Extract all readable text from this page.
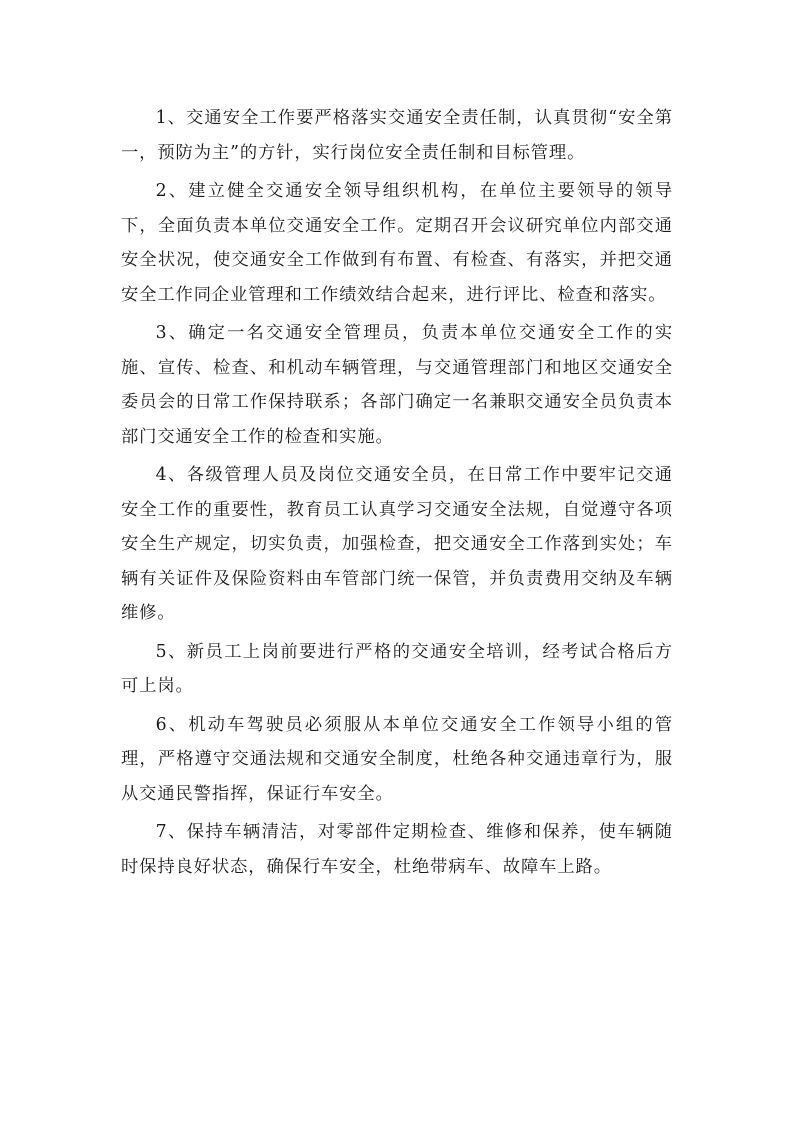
1、交通安全工作要严格落实交通安全责任制，认真贯彻“安全第一，预防为主”的方针，实行岗位安全责任制和目标管理。

2、建立健全交通安全领导组织机构，在单位主要领导的领导下，全面负责本单位交通安全工作。定期召开会议研究单位内部交通安全状况，使交通安全工作做到有布置、有检查、有落实，并把交通安全工作同企业管理和工作绩效结合起来，进行评比、检查和落实。

3、确定一名交通安全管理员，负责本单位交通安全工作的实施、宣传、检查、和机动车辆管理，与交通管理部门和地区交通安全委员会的日常工作保持联系；各部门确定一名兼职交通安全员负责本部门交通安全工作的检查和实施。

4、各级管理人员及岗位交通安全员，在日常工作中要牢记交通安全工作的重要性，教育员工认真学习交通安全法规，自觉遵守各项安全生产规定，切实负责，加强检查，把交通安全工作落到实处；车辆有关证件及保险资料由车管部门统一保管，并负责费用交纳及车辆维修。

5、新员工上岗前要进行严格的交通安全培训，经考试合格后方可上岗。

6、机动车驾驶员必须服从本单位交通安全工作领导小组的管理，严格遵守交通法规和交通安全制度，杜绝各种交通违章行为，服从交通民警指挥，保证行车安全。

7、保持车辆清洁，对零部件定期检查、维修和保养，使车辆随时保持良好状态，确保行车安全，杜绝带病车、故障车上路。
